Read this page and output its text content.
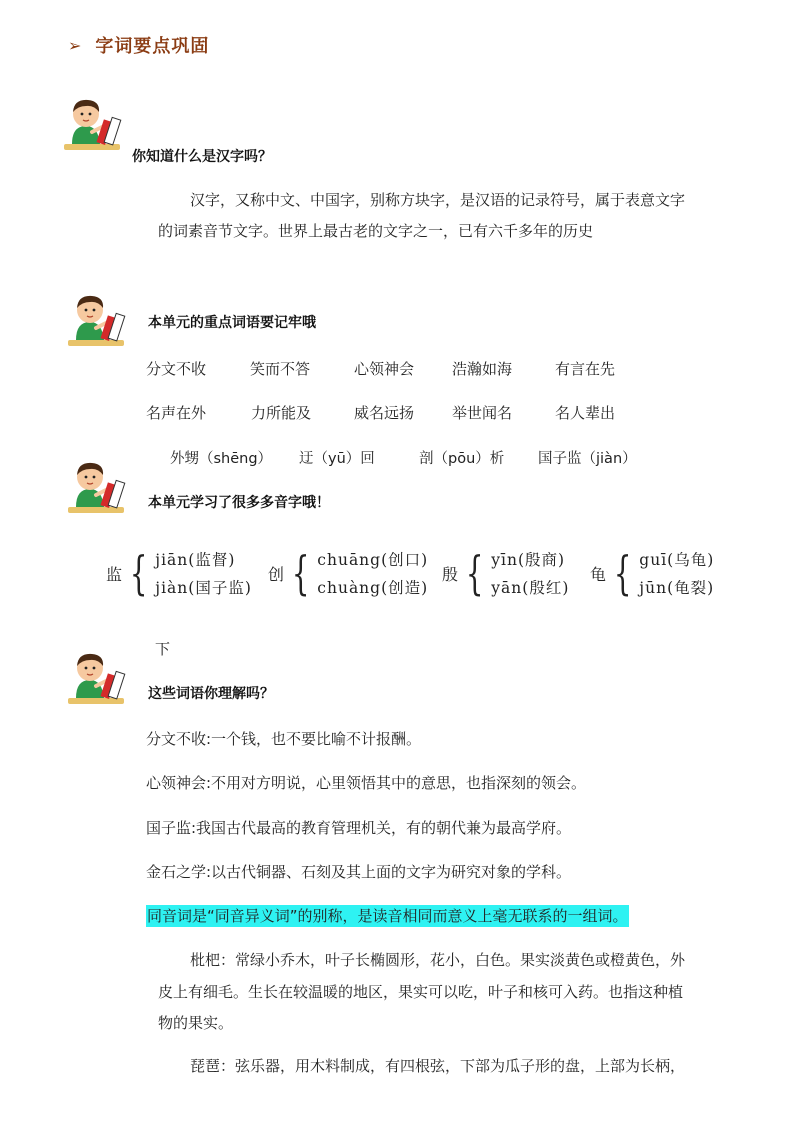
➢ 字词要点巩固
你知道什么是汉字吗？
汉字，又称中文、中国字，别称方块字，是汉语的记录符号，属于表意文字
的词素音节文字。世界上最古老的文字之一，已有六千多年的历史
本单元的重点词语要记牢哦
分文不收	笑而不答	心领神会	浩瀚如海	有言在先
名声在外	力所能及	威名远扬	举世闻名	名人辈出
外甥（shēng） 迂（yū）回	剖（pōu）析 国子监（jiàn）
本单元学习了很多多音字哦！
监 { jiān(监督)
jiàn(国子监)
创 { chuāng(创口)
chuàng(创造)
殷 { yīn(殷商)
yān(殷红)
龟 { guī(乌龟)
jūn(龟裂)
下
这些词语你理解吗？
分文不收:一个钱，也不要比喻不计报酬。
心领神会:不用对方明说，心里领悟其中的意思，也指深刻的领会。
国子监:我国古代最高的教育管理机关，有的朝代兼为最高学府。
金石之学:以古代铜器、石刻及其上面的文字为研究对象的学科。
同音词是“同音异义词”的别称，是读音相同而意义上毫无联系的一组词。
枇杷：常绿小乔木，叶子长椭圆形，花小，白色。果实淡黄色或橙黄色，外
皮上有细毛。生长在较温暖的地区，果实可以吃，叶子和核可入药。也指这种植
物的果实。
琵琶：弦乐器，用木料制成，有四根弦，下部为瓜子形的盘，上部为长柄，
